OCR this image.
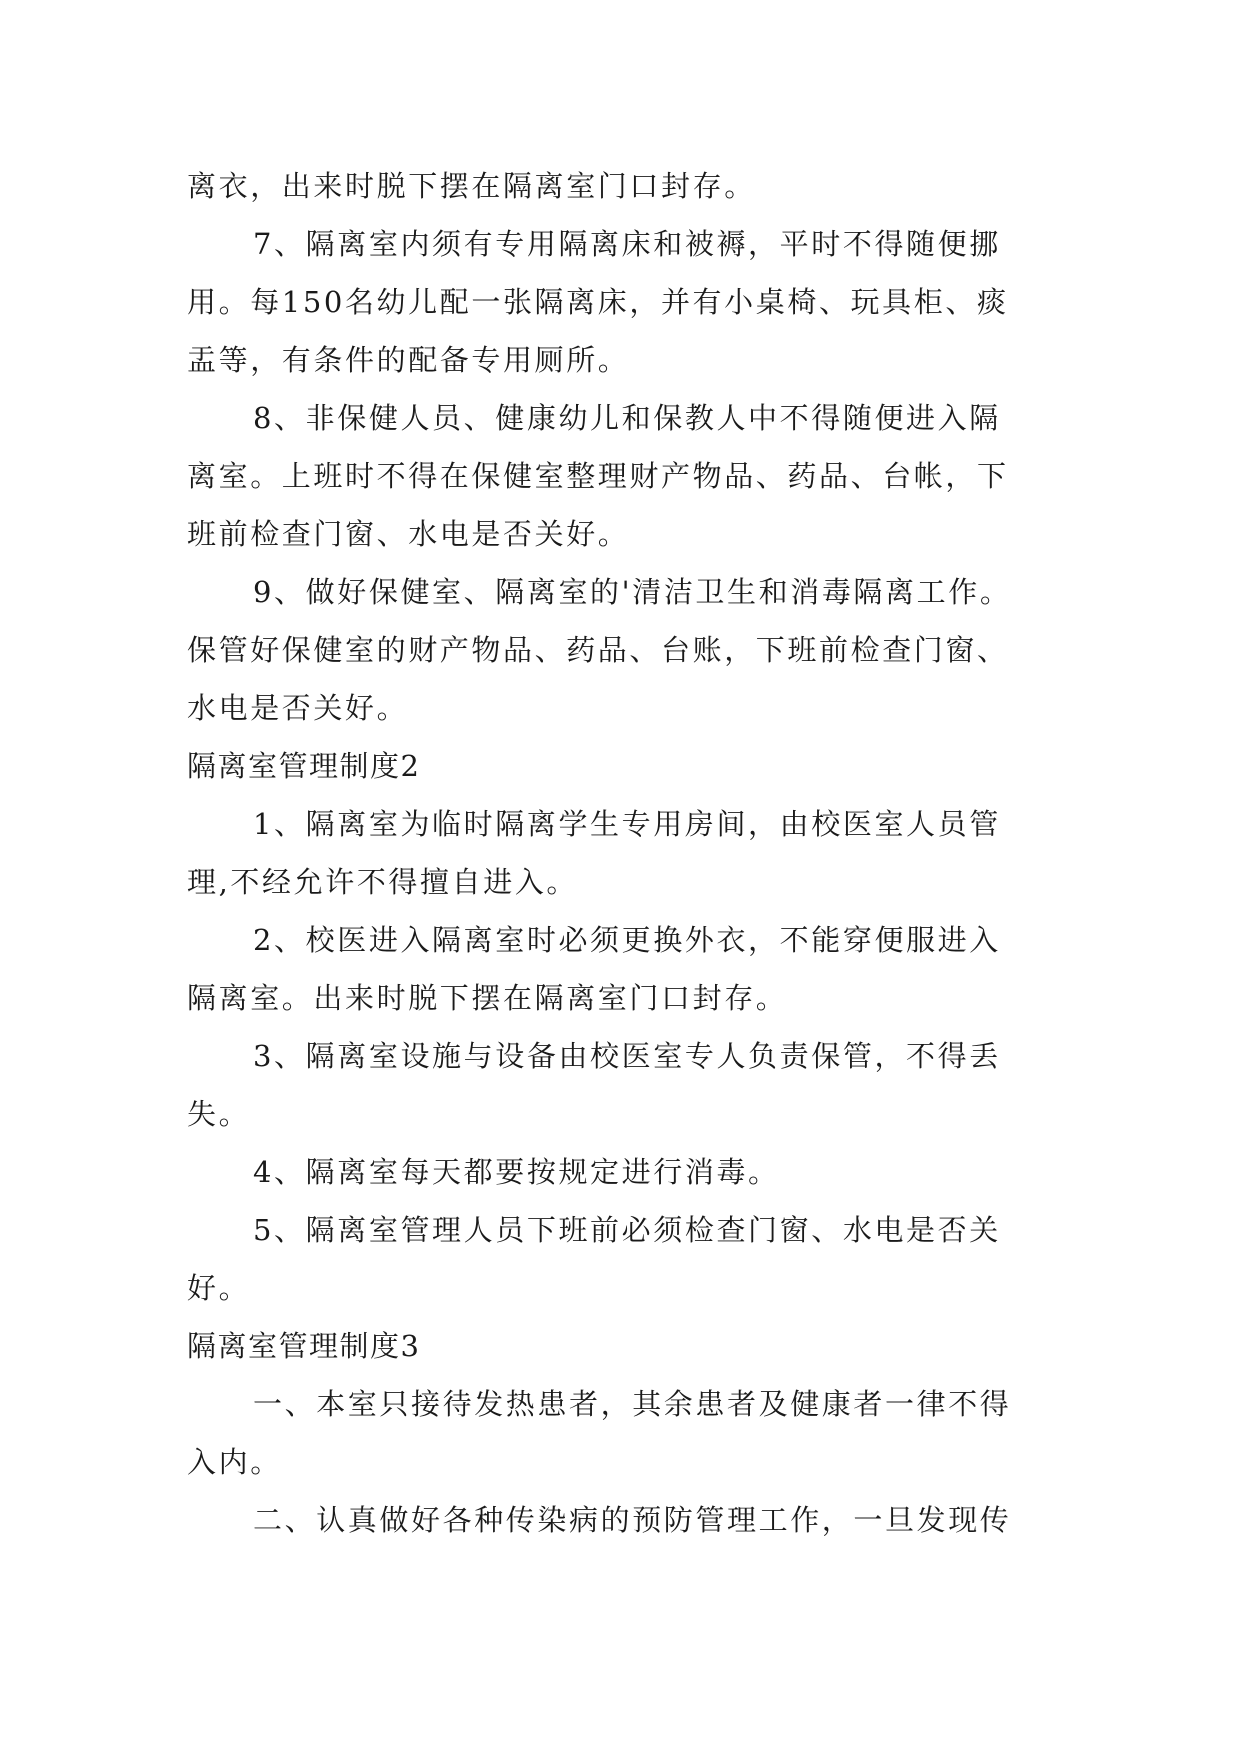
离衣，出来时脱下摆在隔离室门口封存。
7、隔离室内须有专用隔离床和被褥，平时不得随便挪
用。每150名幼儿配一张隔离床，并有小桌椅、玩具柜、痰
盂等，有条件的配备专用厕所。
8、非保健人员、健康幼儿和保教人中不得随便进入隔
离室。上班时不得在保健室整理财产物品、药品、台帐，下
班前检查门窗、水电是否关好。
9、做好保健室、隔离室的'清洁卫生和消毒隔离工作。
保管好保健室的财产物品、药品、台账，下班前检查门窗、
水电是否关好。
隔离室管理制度2
1、隔离室为临时隔离学生专用房间，由校医室人员管
理,不经允许不得擅自进入。
2、校医进入隔离室时必须更换外衣，不能穿便服进入
隔离室。出来时脱下摆在隔离室门口封存。
3、隔离室设施与设备由校医室专人负责保管，不得丢
失。
4、隔离室每天都要按规定进行消毒。
5、隔离室管理人员下班前必须检查门窗、水电是否关
好。
隔离室管理制度3
一、本室只接待发热患者，其余患者及健康者一律不得
入内。
二、认真做好各种传染病的预防管理工作，一旦发现传
